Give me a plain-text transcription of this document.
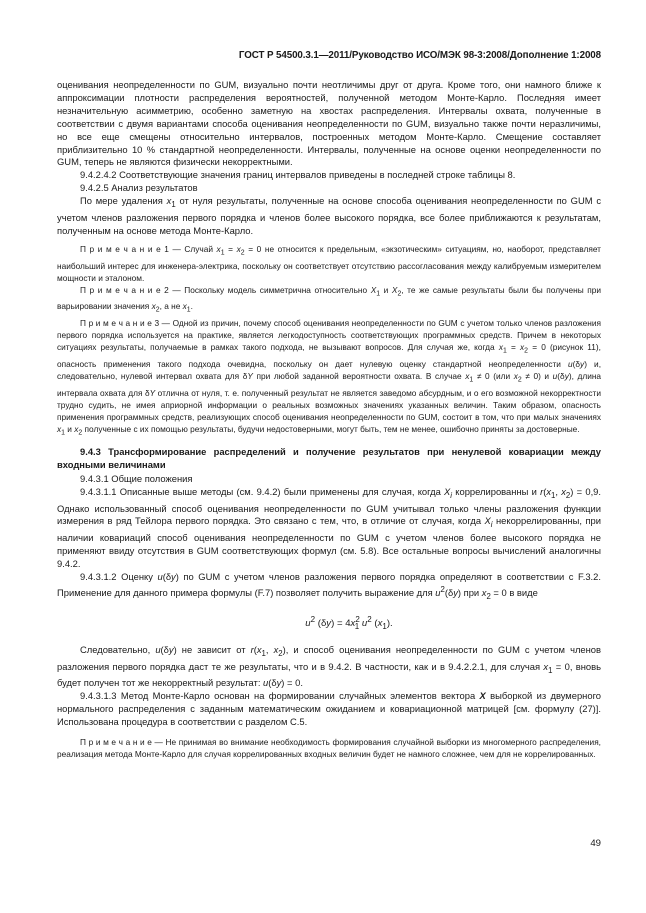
ГОСТ Р 54500.3.1—2011/Руководство ИСО/МЭК 98-3:2008/Дополнение 1:2008

оценивания неопределенности по GUM, визуально почти неотличимы друг от друга. Кроме того, они намного ближе к аппроксимации плотности распределения вероятностей, полученной методом Монте-Карло. Последняя имеет незначительную асимметрию, особенно заметную на хвостах распределения. Интервалы охвата, полученные в соответствии с двумя вариантами способа оценивания неопределенности по GUM, визуально также почти неразличимы, но все еще смещены относительно интервалов, построенных методом Монте-Карло. Смещение составляет приблизительно 10 % стандартной неопределенности. Интервалы, полученные на основе оценки неопределенности по GUM, теперь не являются физически некорректными.

9.4.2.4.2 Соответствующие значения границ интервалов приведены в последней строке таблицы 8.

9.4.2.5 Анализ результатов

По мере удаления $x_1$ от нуля результаты, полученные на основе способа оценивания неопределенности по GUM с учетом членов разложения первого порядка и членов более высокого порядка, все более приближаются к результатам, полученным на основе метода Монте-Карло.

П р и м е ч а н и е 1 — Случай $x_1 = x_2 = 0$ не относится к предельным, «экзотическим» ситуациям, но, наоборот, представляет наибольший интерес для инженера-электрика, поскольку он соответствует отсутствию рассогласования между калибруемым измерителем мощности и эталоном.

П р и м е ч а н и е 2 — Поскольку модель симметрична относительно $X_1$ и $X_2$, те же самые результаты были бы получены при варьировании значения $x_2$, а не $x_1$.

П р и м е ч а н и е 3 — Одной из причин, почему способ оценивания неопределенности по GUM с учетом только членов разложения первого порядка используется на практике, является легкодоступность соответствующих программных средств. Причем в некоторых ситуациях результаты, получаемые в рамках такого подхода, не вызывают вопросов. Для случая же, когда $x_1 = x_2 = 0$ (рисунок 11), опасность применения такого подхода очевидна, поскольку он дает нулевую оценку стандартной неопределенности u(δy) и, следовательно, нулевой интервал охвата для δY при любой заданной вероятности охвата. В случае $x_1 \ne 0$ (или $x_2 \ne 0$) и u(δy), длина интервала охвата для δY отлична от нуля, т. е. полученный результат не является заведомо абсурдным, и о его возможной некорректности трудно судить, не имея априорной информации о реальных возможных значениях указанных величин. Таким образом, опасность применения программных средств, реализующих способ оценивания неопределенности по GUM, состоит в том, что при малых значениях $x_1$ и $x_2$ полученные с их помощью результаты, будучи недостоверными, могут быть, тем не менее, ошибочно приняты за достоверные.

9.4.3 Трансформирование распределений и получение результатов при ненулевой ковариации между входными величинами

9.4.3.1 Общие положения

9.4.3.1.1 Описанные выше методы (см. 9.4.2) были применены для случая, когда $X_i$ коррелированны и $r(x_1$, $x_2) = 0,9$. Однако использованный способ оценивания неопределенности по GUM учитывал только члены разложения функции измерения в ряд Тейлора первого порядка. Это связано с тем, что, в отличие от случая, когда $X_i$ некоррелированны, при наличии ковариаций способ оценивания неопределенности по GUM с учетом членов более высокого порядка не применяют ввиду отсутствия в GUM соответствующих формул (см. 5.8). Все остальные вопросы вычислений аналогичны 9.4.2.

9.4.3.1.2 Оценку u(δy) по GUM с учетом членов разложения первого порядка определяют в соответствии с F.3.2. Применение для данного примера формулы (F.7) позволяет получить выражение для $u^2(\delta y)$ при $x_2 = 0$ в виде

$u^2$ $(\delta y) = 4x^2_1$ $u^2$ $(x_1)$.

Следовательно, u(δy) не зависит от $r(x_1$, $x_2$), и способ оценивания неопределенности по GUM с учетом членов разложения первого порядка даст те же результаты, что и в 9.4.2. В частности, как и в 9.4.2.2.1, для случая $x_1 = 0$, вновь будет получен тот же некорректный результат: u(δy) = 0.

9.4.3.1.3 Метод Монте-Карло основан на формировании случайных элементов вектора X выборкой из двумерного нормального распределения с заданным математическим ожиданием и ковариационной матрицей [см. формулу (27)]. Использована процедура в соответствии с разделом С.5.

П р и м е ч а н и е — Не принимая во внимание необходимость формирования случайной выборки из многомерного распределения, реализация метода Монте-Карло для случая коррелированных входных величин будет не намного сложнее, чем для не коррелированных.

49
